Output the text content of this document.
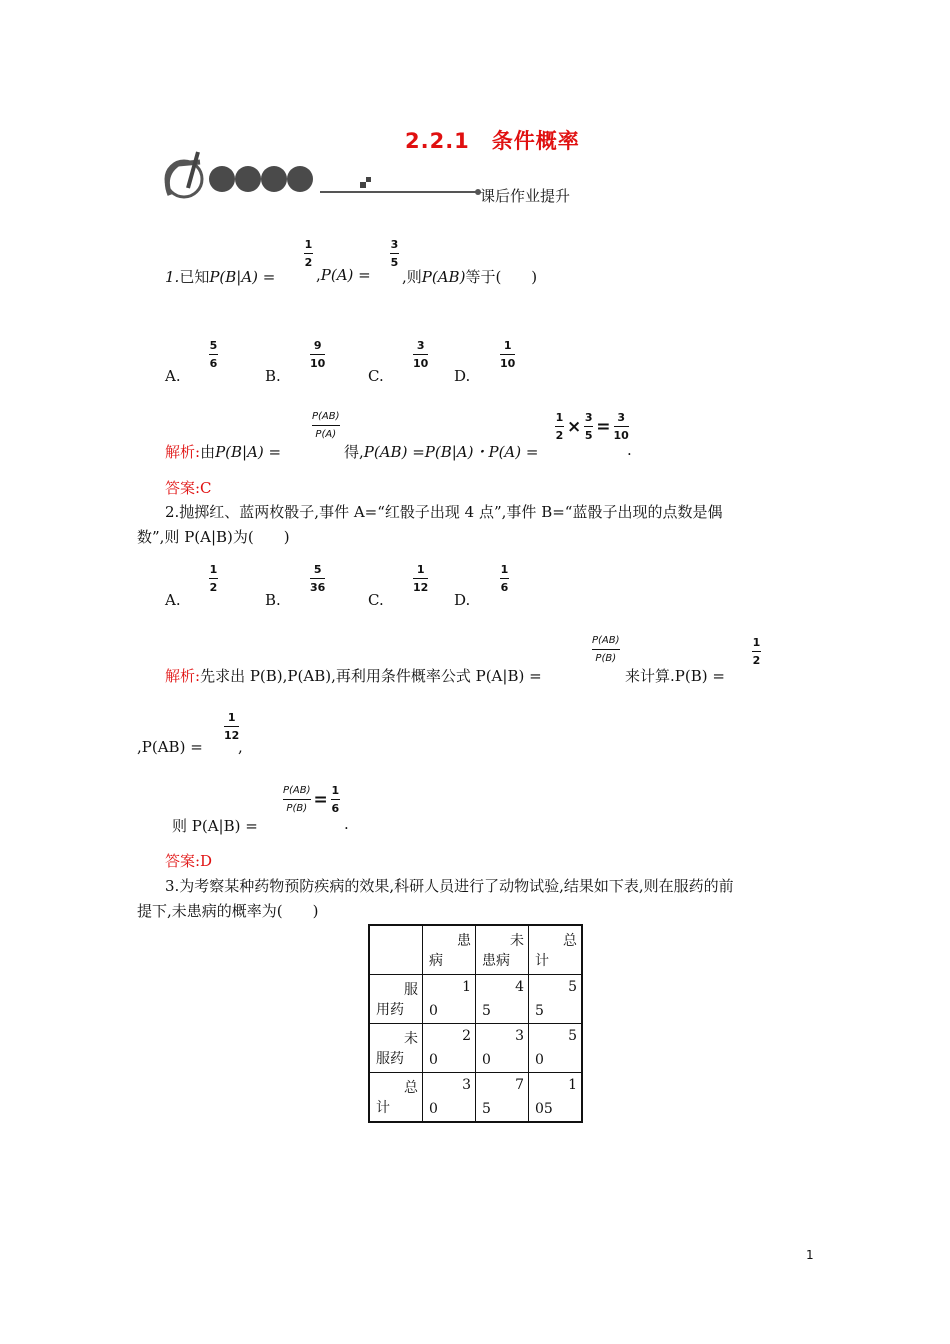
2.2.1　条件概率
课后作业提升
1.已知P(B|A) =
1
2
,P(A) =
3
5
,则P(AB)等于(　　)
A.
5
6
B.
9
10
C.
3
10
D.
1
10
解析:由P(B|A) =
P(AB)
P(A)
得,P(AB) =P(B|A)・P(A) =
$\frac{1}{2} \times \frac{3}{5} = \frac{3}{10}$
.
答案:C
2.抛掷红、蓝两枚骰子,事件 A=“红骰子出现 4 点”,事件 B=“蓝骰子出现的点数是偶
数”,则 P(A|B)为(　　)
A.
1
2
B.
5
36
C.
1
12
D.
1
6
解析:先求出 P(B),P(AB),再利用条件概率公式 P(A|B) =
P(AB)
P(B)
来计算.P(B) =
1
2
,P(AB) =
1
12
,
则 P(A|B) =
$\frac{P(AB)}{P(B)} = \frac{1}{6}$
.
答案:D
3.为考察某种药物预防疾病的效果,科研人员进行了动物试验,结果如下表,则在服药的前
提下,未患病的概率为(　　)

	患
病	未
患病	总
计

服
用药	1
0	4
5	5
5

未
服药	2
0	3
0	5
0

总
计	3
0	7
5	1
05
1
